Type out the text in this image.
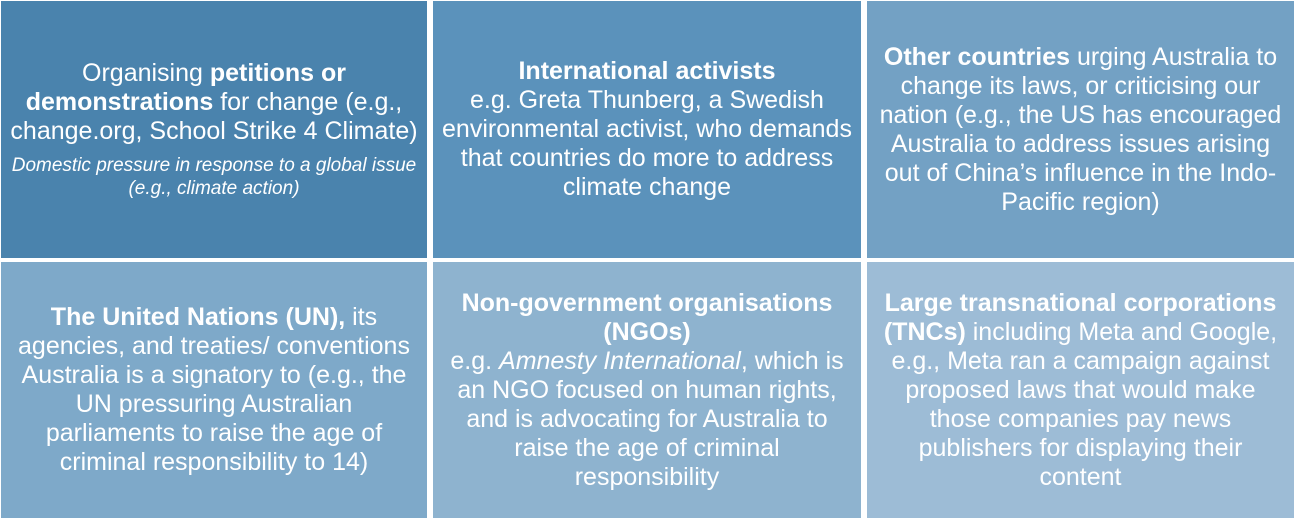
Organising petitions or demonstrations for change (e.g., change.org, School Strike 4 Climate)
Domestic pressure in response to a global issue (e.g., climate action)
International activists
e.g. Greta Thunberg, a Swedish environmental activist, who demands that countries do more to address climate change
Other countries urging Australia to change its laws, or criticising our nation (e.g., the US has encouraged Australia to address issues arising out of China’s influence in the Indo-Pacific region)
The United Nations (UN), its agencies, and treaties/ conventions Australia is a signatory to (e.g., the UN pressuring Australian parliaments to raise the age of criminal responsibility to 14)
Non-government organisations (NGOs)
e.g. Amnesty International, which is an NGO focused on human rights, and is advocating for Australia to raise the age of criminal responsibility
Large transnational corporations (TNCs) including Meta and Google, e.g., Meta ran a campaign against proposed laws that would make those companies pay news publishers for displaying their content
